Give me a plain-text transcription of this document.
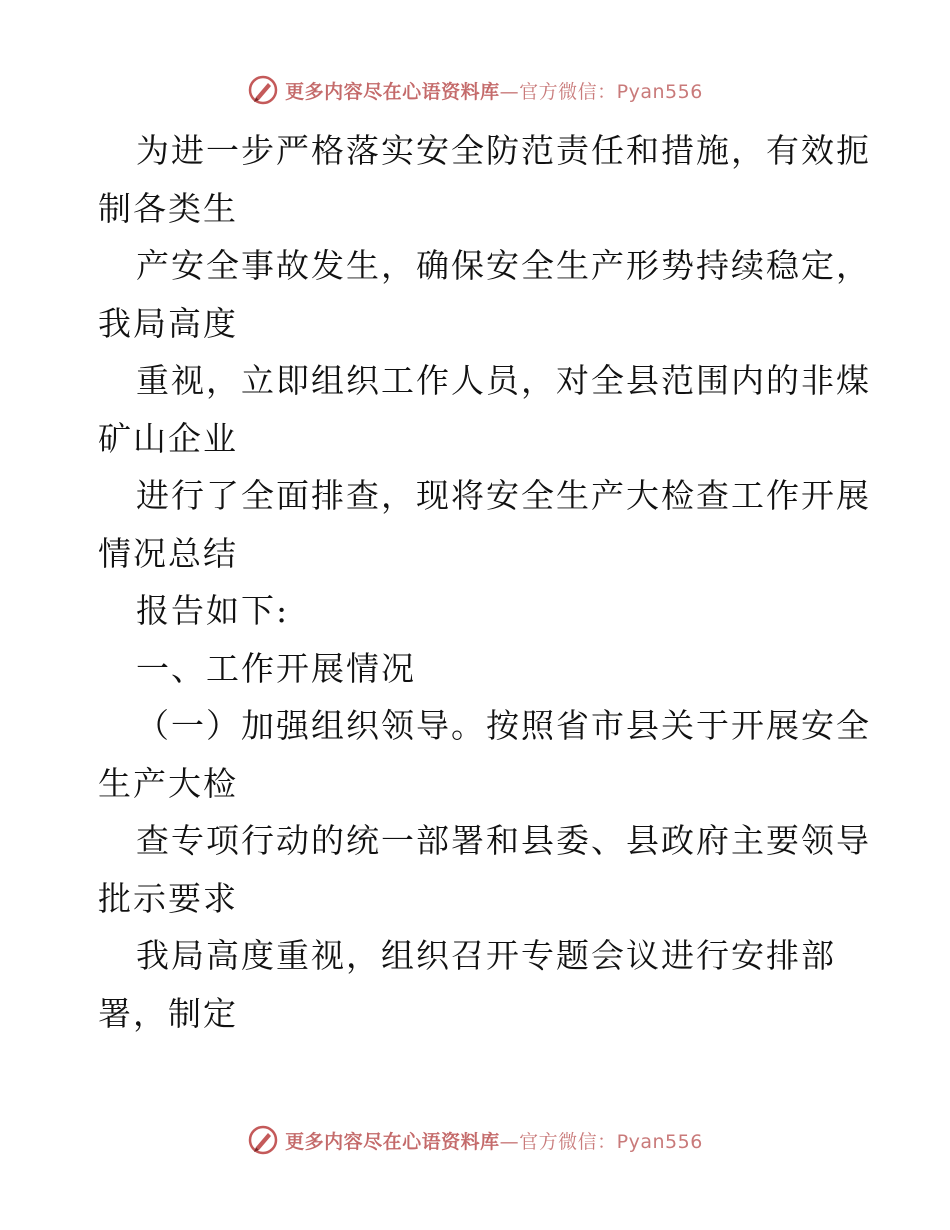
更多内容尽在心语资料库—官方微信：Pyan556
为进一步严格落实安全防范责任和措施，有效扼
制各类生
产安全事故发生，确保安全生产形势持续稳定，
我局高度
重视，立即组织工作人员，对全县范围内的非煤
矿山企业
进行了全面排查，现将安全生产大检查工作开展
情况总结
报告如下:
一、工作开展情况
（一）加强组织领导。按照省市县关于开展安全
生产大检
查专项行动的统一部署和县委、县政府主要领导
批示要求
我局高度重视，组织召开专题会议进行安排部
署，制定
更多内容尽在心语资料库—官方微信：Pyan556
